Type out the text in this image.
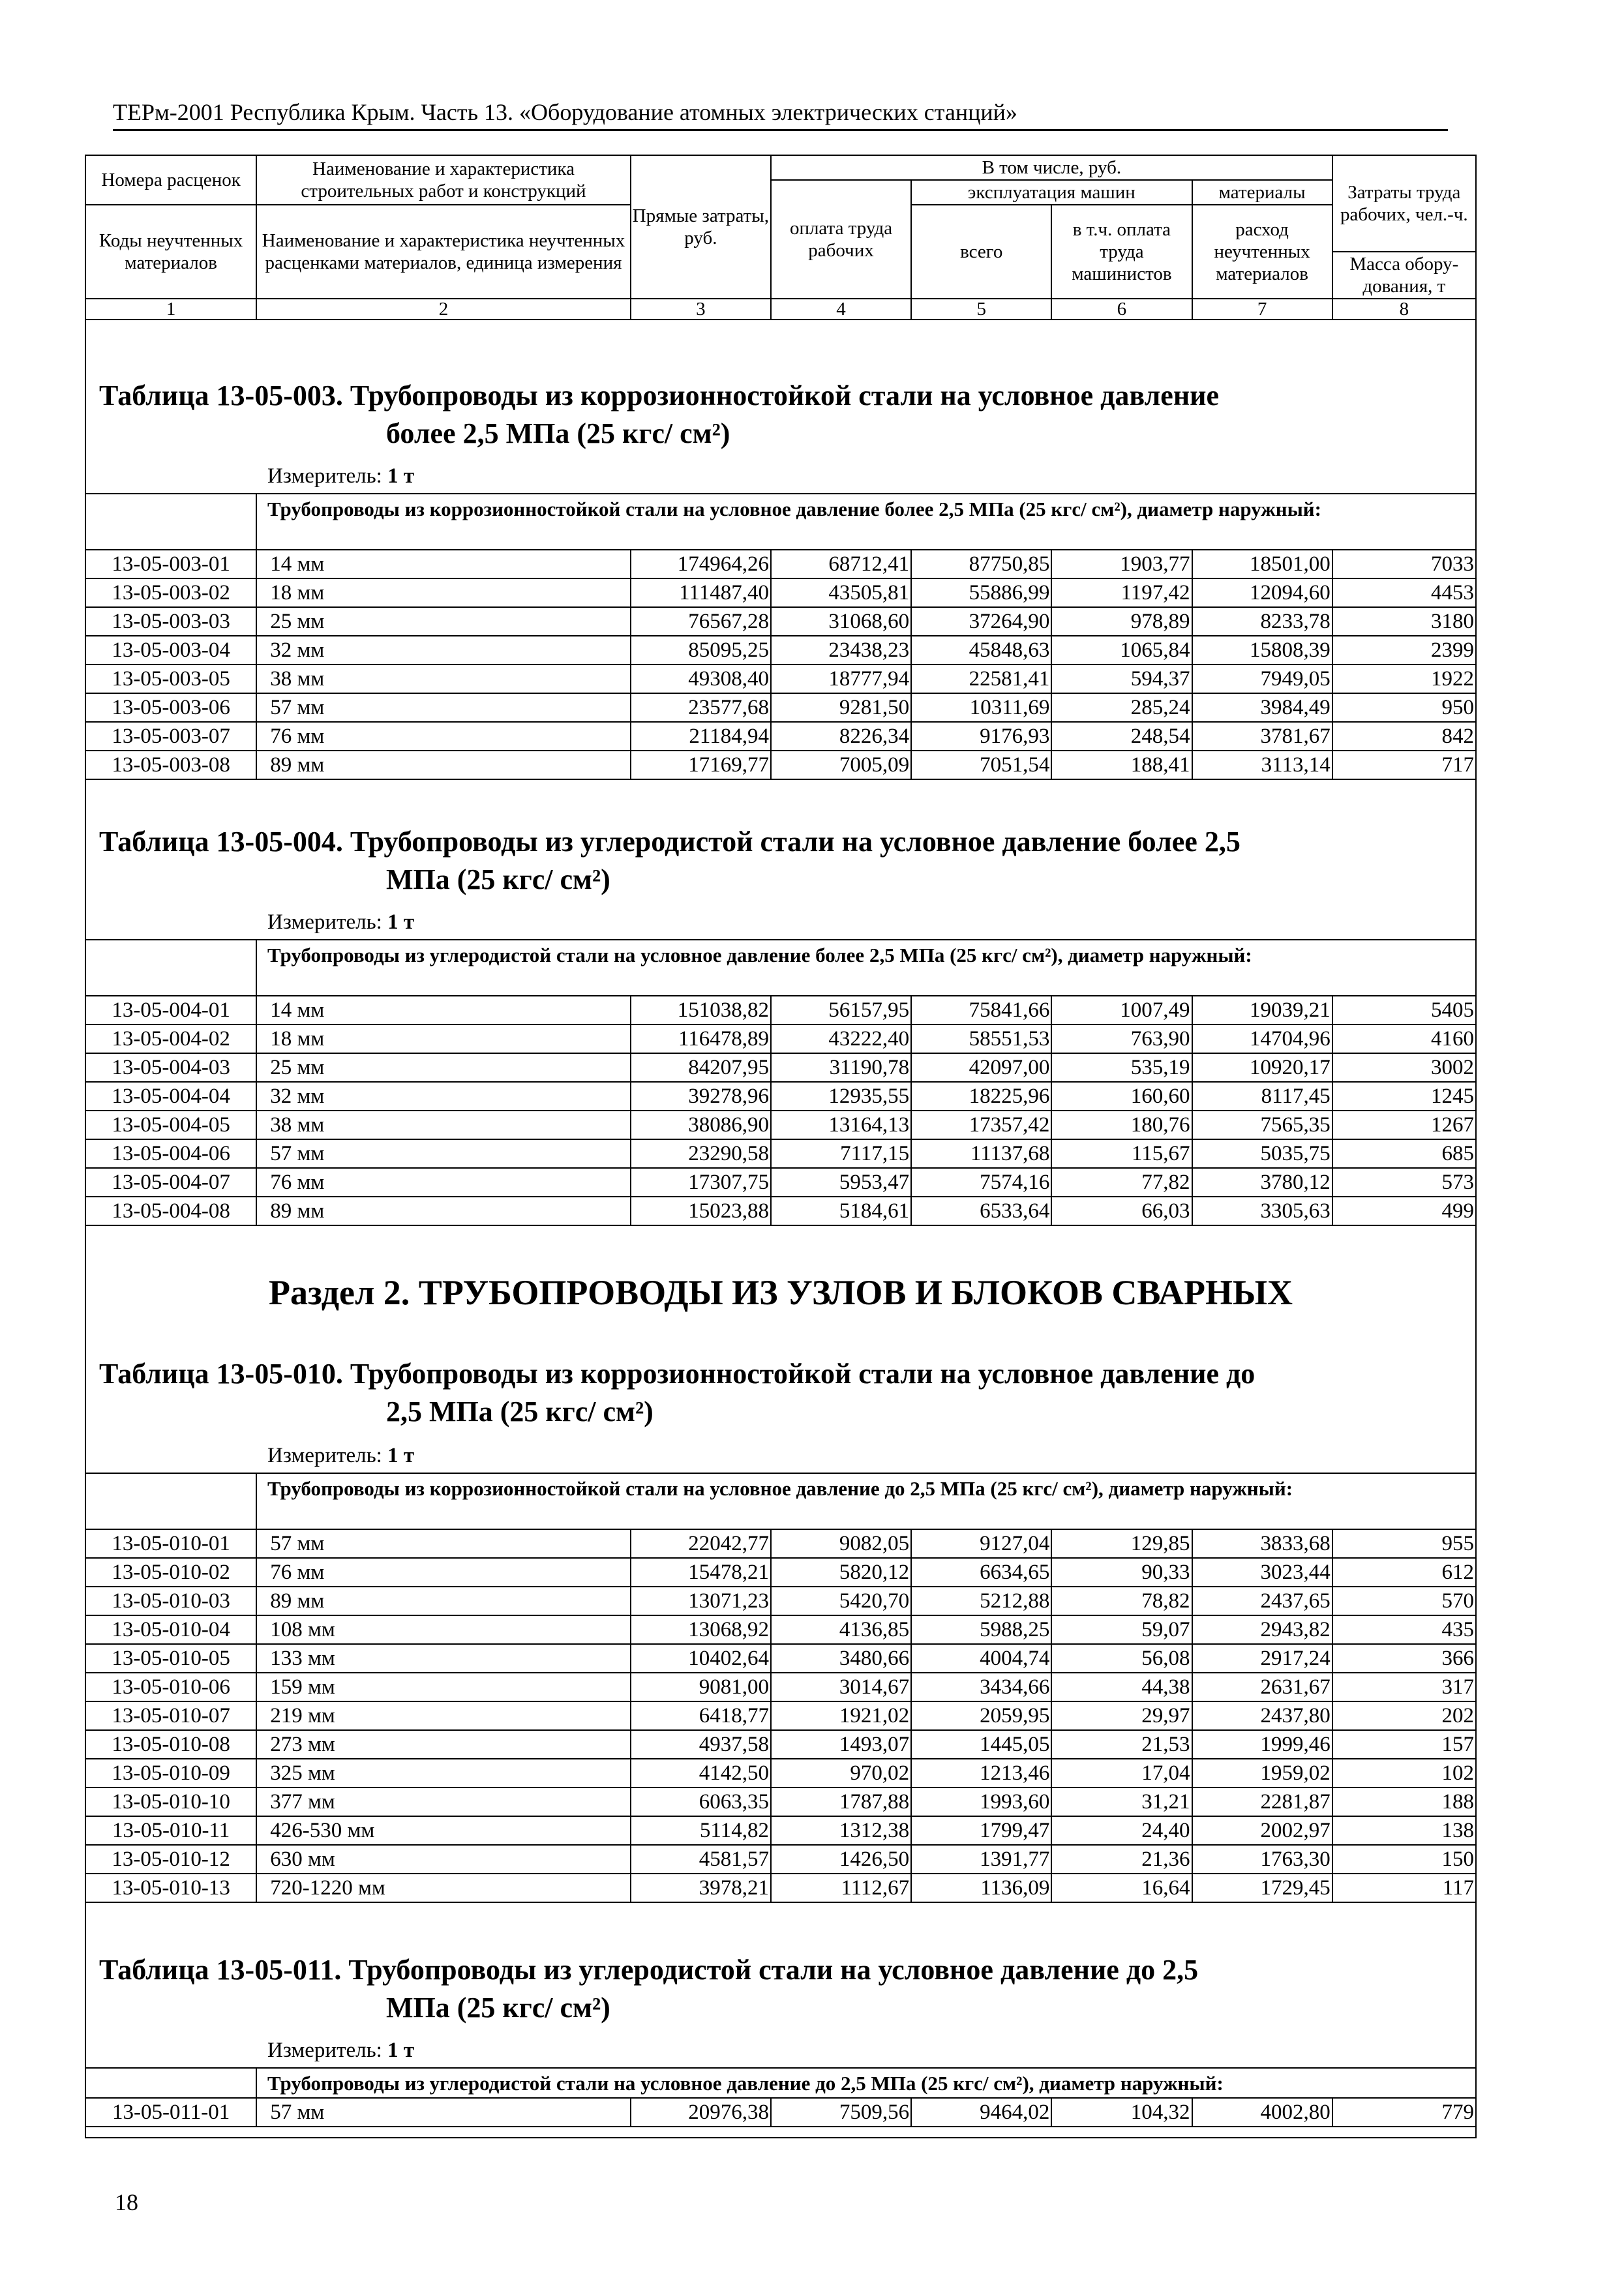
ТЕРм-2001 Республика Крым. Часть 13. «Оборудование атомных электрических станций»
Номера расценок	Наименование и характеристика строительных работ и конструкций	Прямые затраты, руб.	В том числе, руб.				Затраты труда рабочих, чел.-ч.
			оплата труда рабочих	эксплуатация машин		материалы	
Коды неучтенных материалов	Наименование и характеристика неучтенных расценками материалов, единица измерения			всего	в т.ч. оплата труда машинистов	расход неучтенных материалов	
							Масса обору-дования, т
1	2	3	4	5	6	7	8
Таблица 13-05-003. Трубопроводы из коррозионностойкой стали на условное давление
более 2,5 МПа (25 кгс/ см²)
Измеритель: 1 т
Трубопроводы из коррозионностойкой стали на условное давление более 2,5 МПа (25 кгс/ см²), диаметр наружный:
13-05-003-01	14 мм	174964,26	68712,41	87750,85	1903,77	18501,00	7033
13-05-003-02	18 мм	111487,40	43505,81	55886,99	1197,42	12094,60	4453
13-05-003-03	25 мм	76567,28	31068,60	37264,90	978,89	8233,78	3180
13-05-003-04	32 мм	85095,25	23438,23	45848,63	1065,84	15808,39	2399
13-05-003-05	38 мм	49308,40	18777,94	22581,41	594,37	7949,05	1922
13-05-003-06	57 мм	23577,68	9281,50	10311,69	285,24	3984,49	950
13-05-003-07	76 мм	21184,94	8226,34	9176,93	248,54	3781,67	842
13-05-003-08	89 мм	17169,77	7005,09	7051,54	188,41	3113,14	717
Таблица 13-05-004. Трубопроводы из углеродистой стали на условное давление более 2,5
МПа (25 кгс/ см²)
Измеритель: 1 т
Трубопроводы из углеродистой стали на условное давление более 2,5 МПа (25 кгс/ см²), диаметр наружный:
13-05-004-01	14 мм	151038,82	56157,95	75841,66	1007,49	19039,21	5405
13-05-004-02	18 мм	116478,89	43222,40	58551,53	763,90	14704,96	4160
13-05-004-03	25 мм	84207,95	31190,78	42097,00	535,19	10920,17	3002
13-05-004-04	32 мм	39278,96	12935,55	18225,96	160,60	8117,45	1245
13-05-004-05	38 мм	38086,90	13164,13	17357,42	180,76	7565,35	1267
13-05-004-06	57 мм	23290,58	7117,15	11137,68	115,67	5035,75	685
13-05-004-07	76 мм	17307,75	5953,47	7574,16	77,82	3780,12	573
13-05-004-08	89 мм	15023,88	5184,61	6533,64	66,03	3305,63	499
Раздел 2. ТРУБОПРОВОДЫ ИЗ УЗЛОВ И БЛОКОВ СВАРНЫХ
Таблица 13-05-010. Трубопроводы из коррозионностойкой стали на условное давление до
2,5 МПа (25 кгс/ см²)
Измеритель: 1 т
Трубопроводы из коррозионностойкой стали на условное давление до 2,5 МПа (25 кгс/ см²), диаметр наружный:
13-05-010-01	57 мм	22042,77	9082,05	9127,04	129,85	3833,68	955
13-05-010-02	76 мм	15478,21	5820,12	6634,65	90,33	3023,44	612
13-05-010-03	89 мм	13071,23	5420,70	5212,88	78,82	2437,65	570
13-05-010-04	108 мм	13068,92	4136,85	5988,25	59,07	2943,82	435
13-05-010-05	133 мм	10402,64	3480,66	4004,74	56,08	2917,24	366
13-05-010-06	159 мм	9081,00	3014,67	3434,66	44,38	2631,67	317
13-05-010-07	219 мм	6418,77	1921,02	2059,95	29,97	2437,80	202
13-05-010-08	273 мм	4937,58	1493,07	1445,05	21,53	1999,46	157
13-05-010-09	325 мм	4142,50	970,02	1213,46	17,04	1959,02	102
13-05-010-10	377 мм	6063,35	1787,88	1993,60	31,21	2281,87	188
13-05-010-11	426-530 мм	5114,82	1312,38	1799,47	24,40	2002,97	138
13-05-010-12	630 мм	4581,57	1426,50	1391,77	21,36	1763,30	150
13-05-010-13	720-1220 мм	3978,21	1112,67	1136,09	16,64	1729,45	117
Таблица 13-05-011. Трубопроводы из углеродистой стали на условное давление до 2,5
МПа (25 кгс/ см²)
Измеритель: 1 т
Трубопроводы из углеродистой стали на условное давление до 2,5 МПа (25 кгс/ см²), диаметр наружный:
13-05-011-01	57 мм	20976,38	7509,56	9464,02	104,32	4002,80	779
18
